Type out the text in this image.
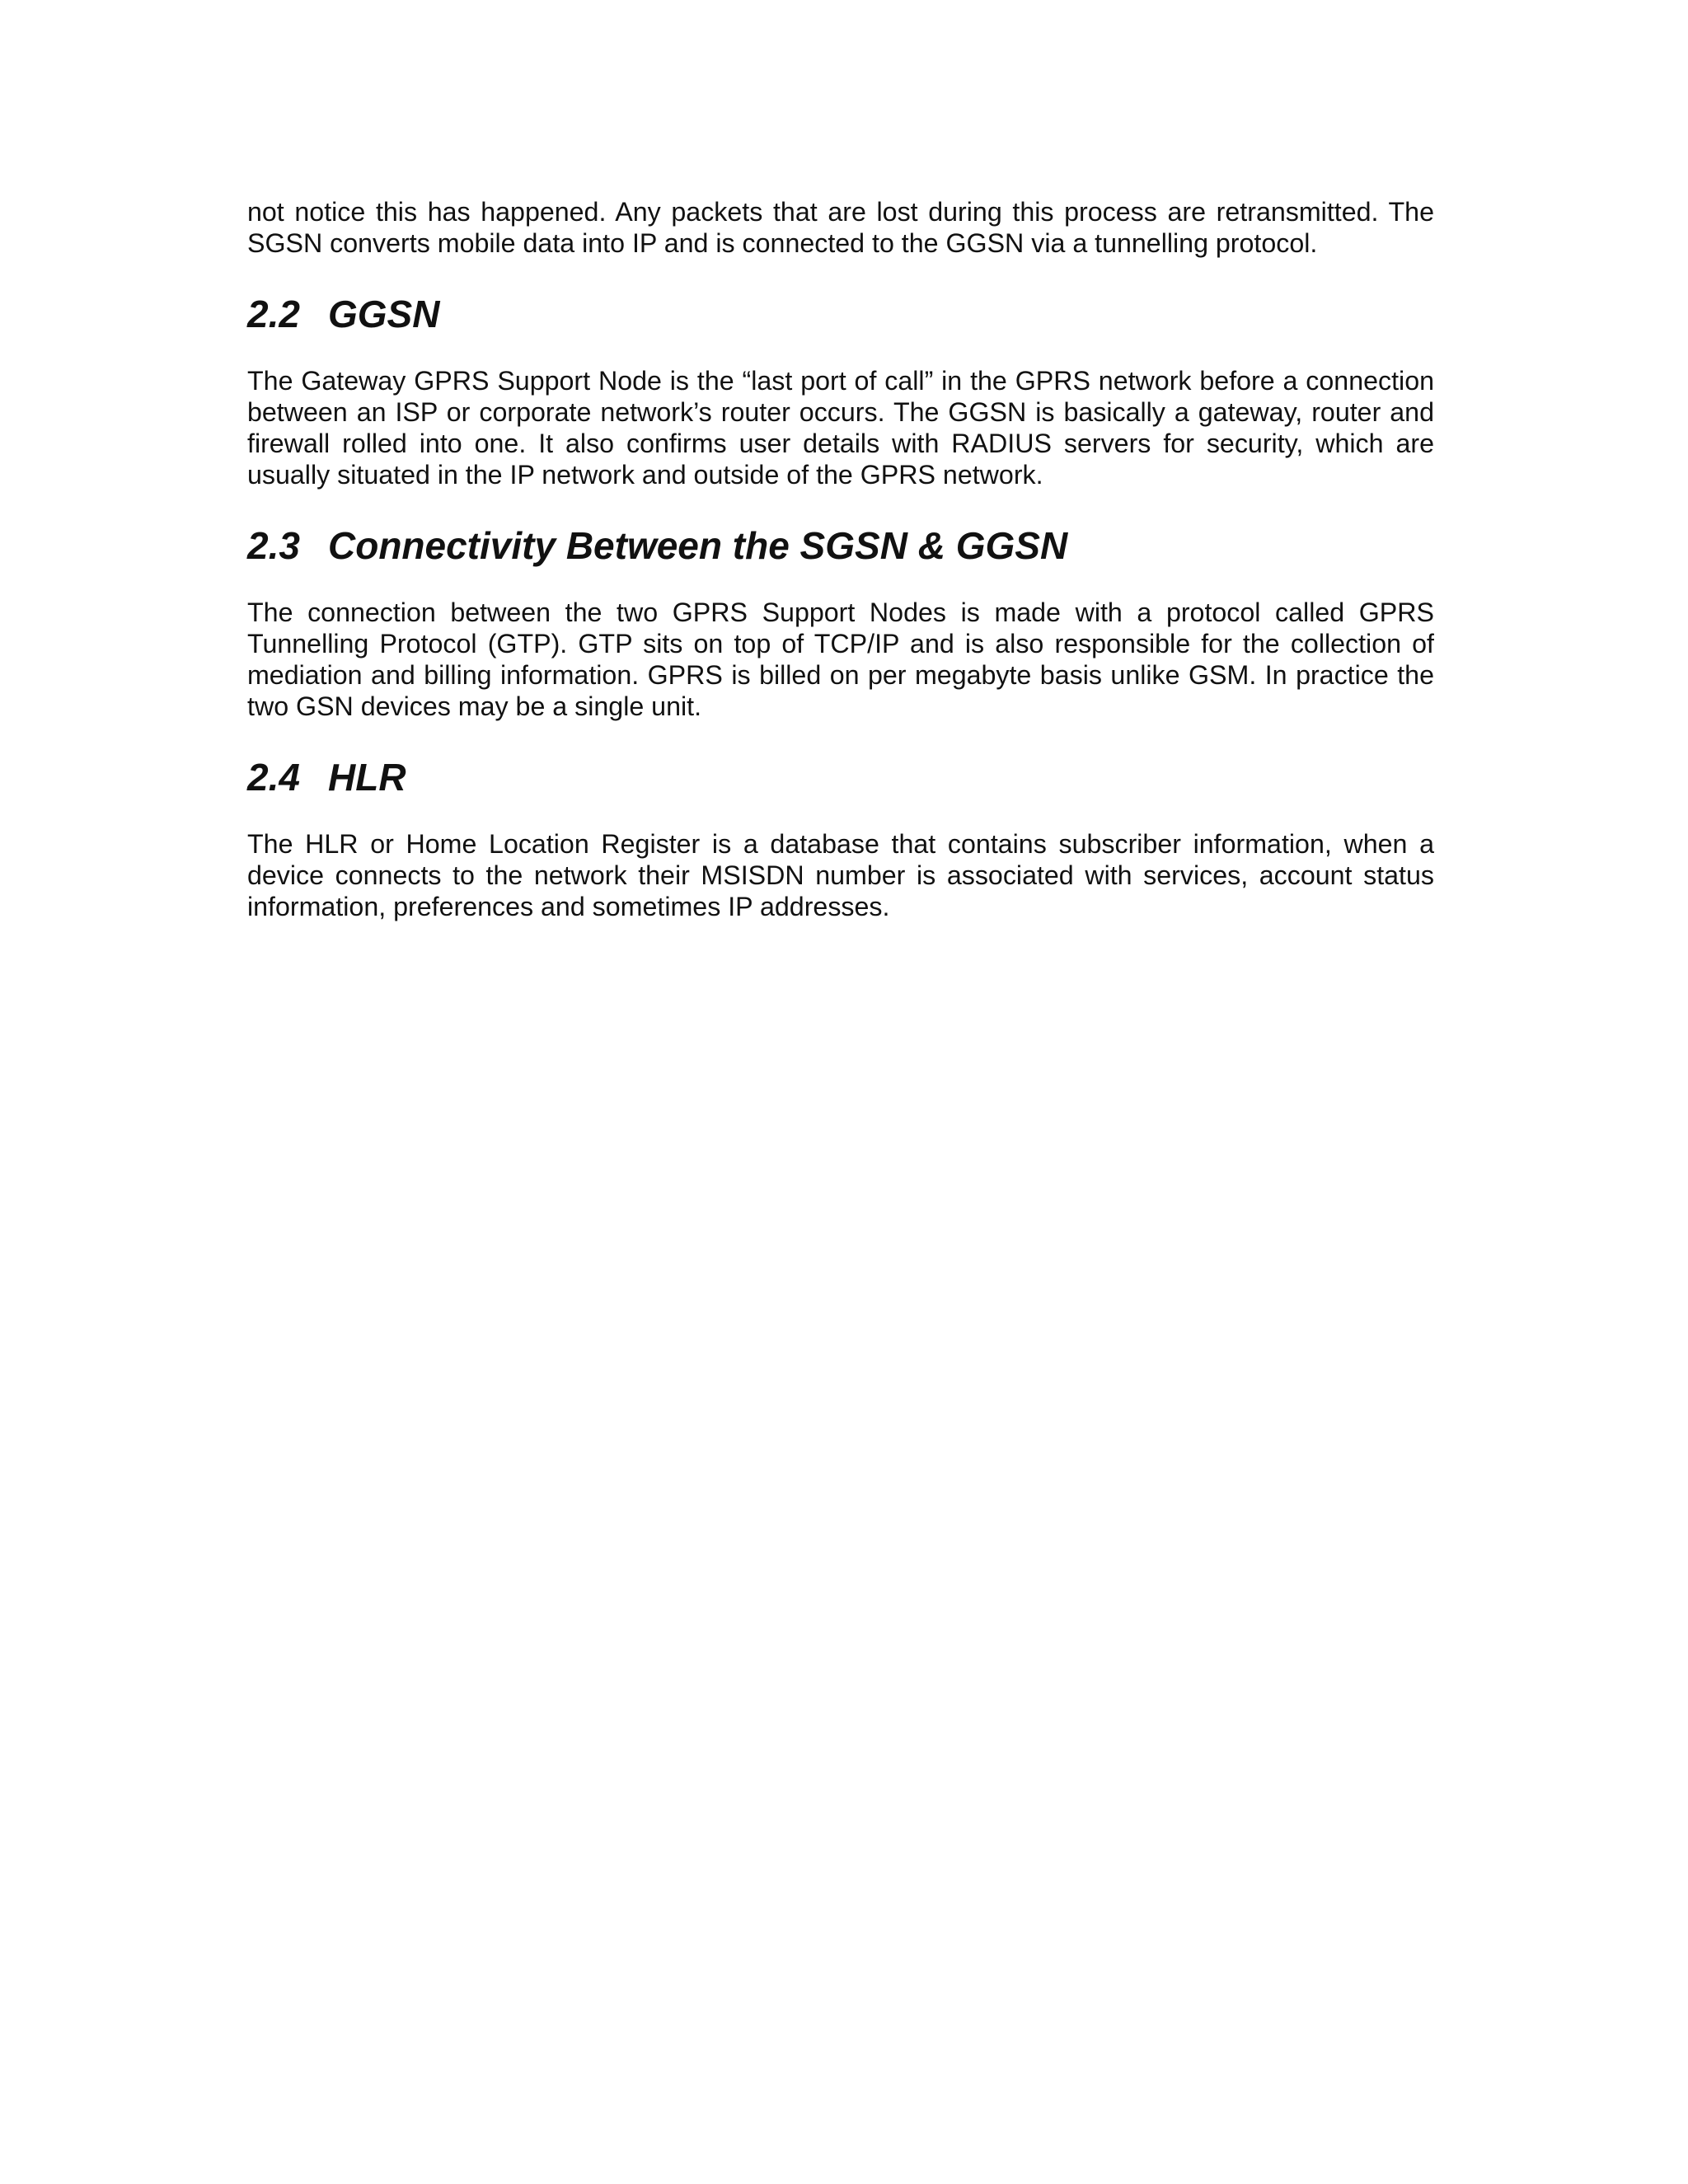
not notice this has happened. Any packets that are lost during this process are retransmitted. The SGSN converts mobile data into IP and is connected to the GGSN via a tunnelling protocol.

2.2 GGSN

The Gateway GPRS Support Node is the “last port of call” in the GPRS network before a connection between an ISP or corporate network’s router occurs. The GGSN is basically a gateway, router and firewall rolled into one. It also confirms user details with RADIUS servers for security, which are usually situated in the IP network and outside of the GPRS network.

2.3 Connectivity Between the SGSN & GGSN

The connection between the two GPRS Support Nodes is made with a protocol called GPRS Tunnelling Protocol (GTP). GTP sits on top of TCP/IP and is also responsible for the collection of mediation and billing information. GPRS is billed on per megabyte basis unlike GSM. In practice the two GSN devices may be a single unit.

2.4 HLR

The HLR or Home Location Register is a database that contains subscriber information, when a device connects to the network their MSISDN number is associated with services, account status information, preferences and sometimes IP addresses.
